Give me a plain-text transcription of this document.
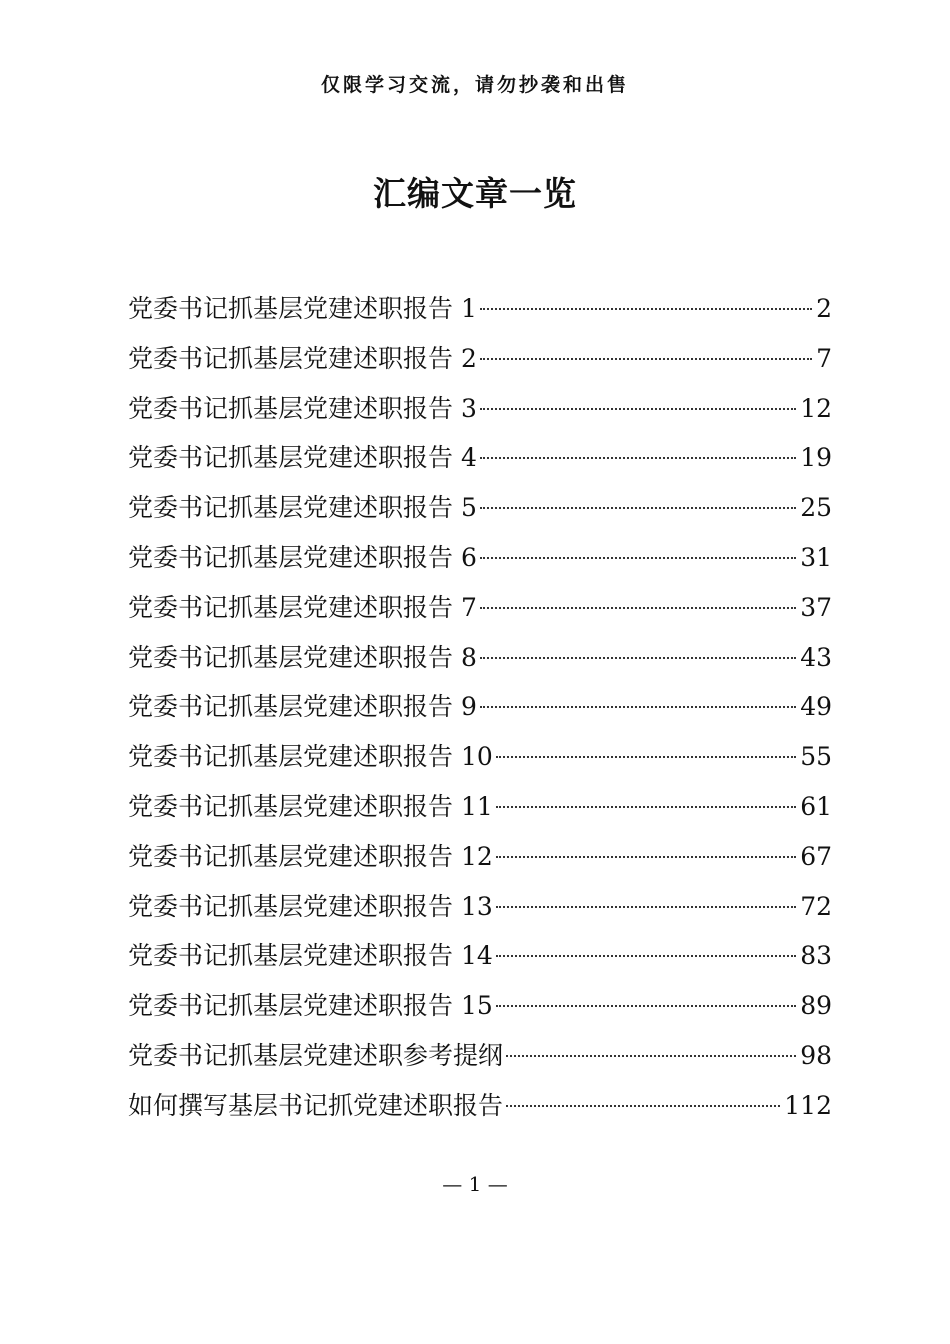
仅限学习交流，请勿抄袭和出售
汇编文章一览
党委书记抓基层党建述职报告 1	2
党委书记抓基层党建述职报告 2	7
党委书记抓基层党建述职报告 3	12
党委书记抓基层党建述职报告 4	19
党委书记抓基层党建述职报告 5	25
党委书记抓基层党建述职报告 6	31
党委书记抓基层党建述职报告 7	37
党委书记抓基层党建述职报告 8	43
党委书记抓基层党建述职报告 9	49
党委书记抓基层党建述职报告 10	55
党委书记抓基层党建述职报告 11	61
党委书记抓基层党建述职报告 12	67
党委书记抓基层党建述职报告 13	72
党委书记抓基层党建述职报告 14	83
党委书记抓基层党建述职报告 15	89
党委书记抓基层党建述职参考提纲	98
如何撰写基层书记抓党建述职报告	112
— 1 —
